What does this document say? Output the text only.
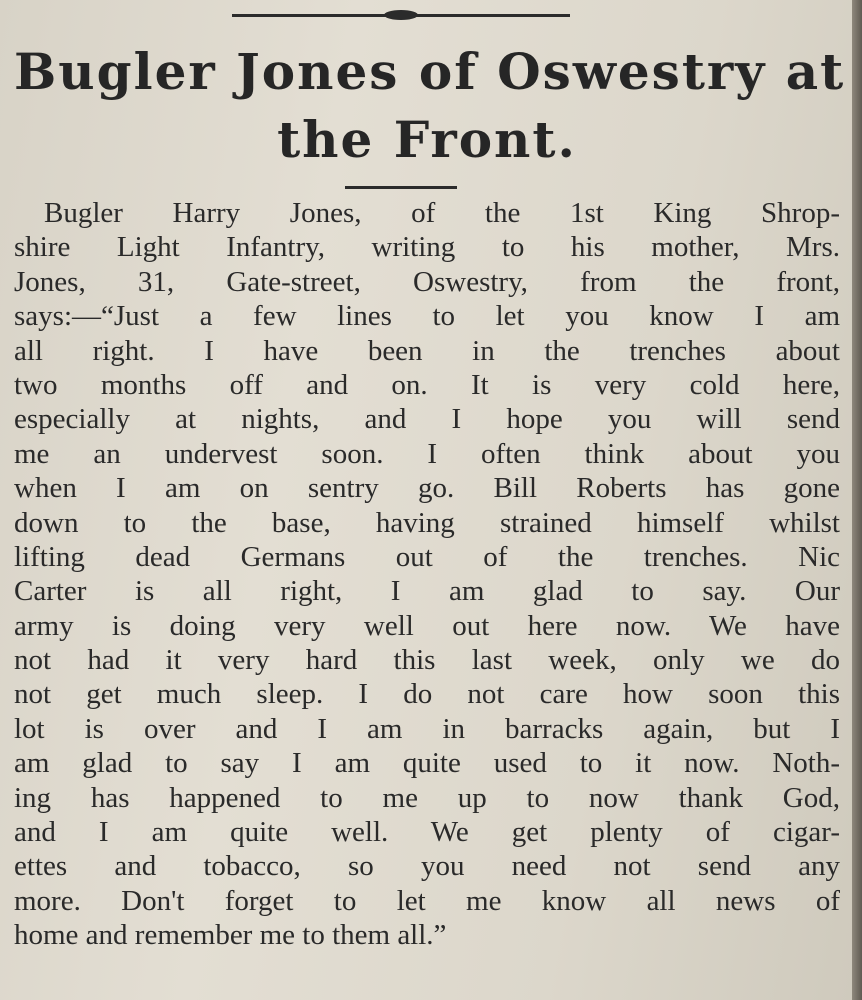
Bugler Jones of Oswestry at
the Front.
Bugler Harry Jones, of the 1st King Shrop-
shire Light Infantry, writing to his mother, Mrs.
Jones, 31, Gate-street, Oswestry, from the front,
says:—“Just a few lines to let you know I am
all right. I have been in the trenches about
two months off and on. It is very cold here,
especially at nights, and I hope you will send
me an undervest soon. I often think about you
when I am on sentry go. Bill Roberts has gone
down to the base, having strained himself whilst
lifting dead Germans out of the trenches. Nic
Carter is all right, I am glad to say. Our
army is doing very well out here now. We have
not had it very hard this last week, only we do
not get much sleep. I do not care how soon this
lot is over and I am in barracks again, but I
am glad to say I am quite used to it now. Noth-
ing has happened to me up to now thank God,
and I am quite well. We get plenty of cigar-
ettes and tobacco, so you need not send any
more. Don't forget to let me know all news of
home and remember me to them all.”
